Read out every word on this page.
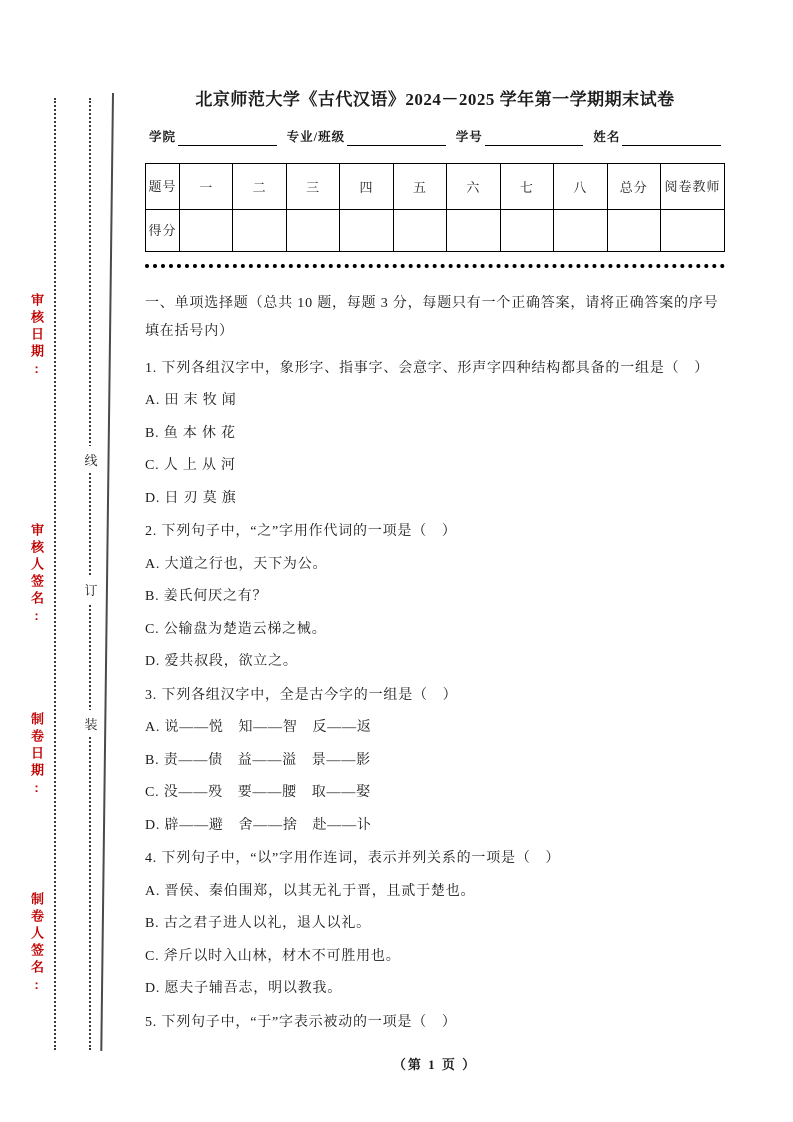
审核日期:
审核人签名:
制卷日期:
制卷人签名:
线
订
装
北京师范大学《古代汉语》2024－2025 学年第一学期期末试卷
学院	专业/班级	学号	姓名
题号	一	二	三	四	五	六	七	八	总分	阅卷教师
得分										

一、单项选择题（总共 10 题，每题 3 分，每题只有一个正确答案，请将正确答案的序号填在括号内）

1. 下列各组汉字中，象形字、指事字、会意字、形声字四种结构都具备的一组是（　）

A. 田 末 牧 闻

B. 鱼 本 休 花

C. 人 上 从 河

D. 日 刃 莫 旗

2. 下列句子中，“之”字用作代词的一项是（　）

A. 大道之行也，天下为公。

B. 姜氏何厌之有？

C. 公输盘为楚造云梯之械。

D. 爱共叔段，欲立之。

3. 下列各组汉字中，全是古今字的一组是（　）

A. 说——悦　知——智　反——返

B. 责——债　益——溢　景——影

C. 没——殁　要——腰　取——娶

D. 辟——避　舍——捨　赴——讣

4. 下列句子中，“以”字用作连词，表示并列关系的一项是（　）

A. 晋侯、秦伯围郑，以其无礼于晋，且贰于楚也。

B. 古之君子进人以礼，退人以礼。

C. 斧斤以时入山林，材木不可胜用也。

D. 愿夫子辅吾志，明以教我。

5. 下列句子中，“于”字表示被动的一项是（　）

（第 1 页 ）
